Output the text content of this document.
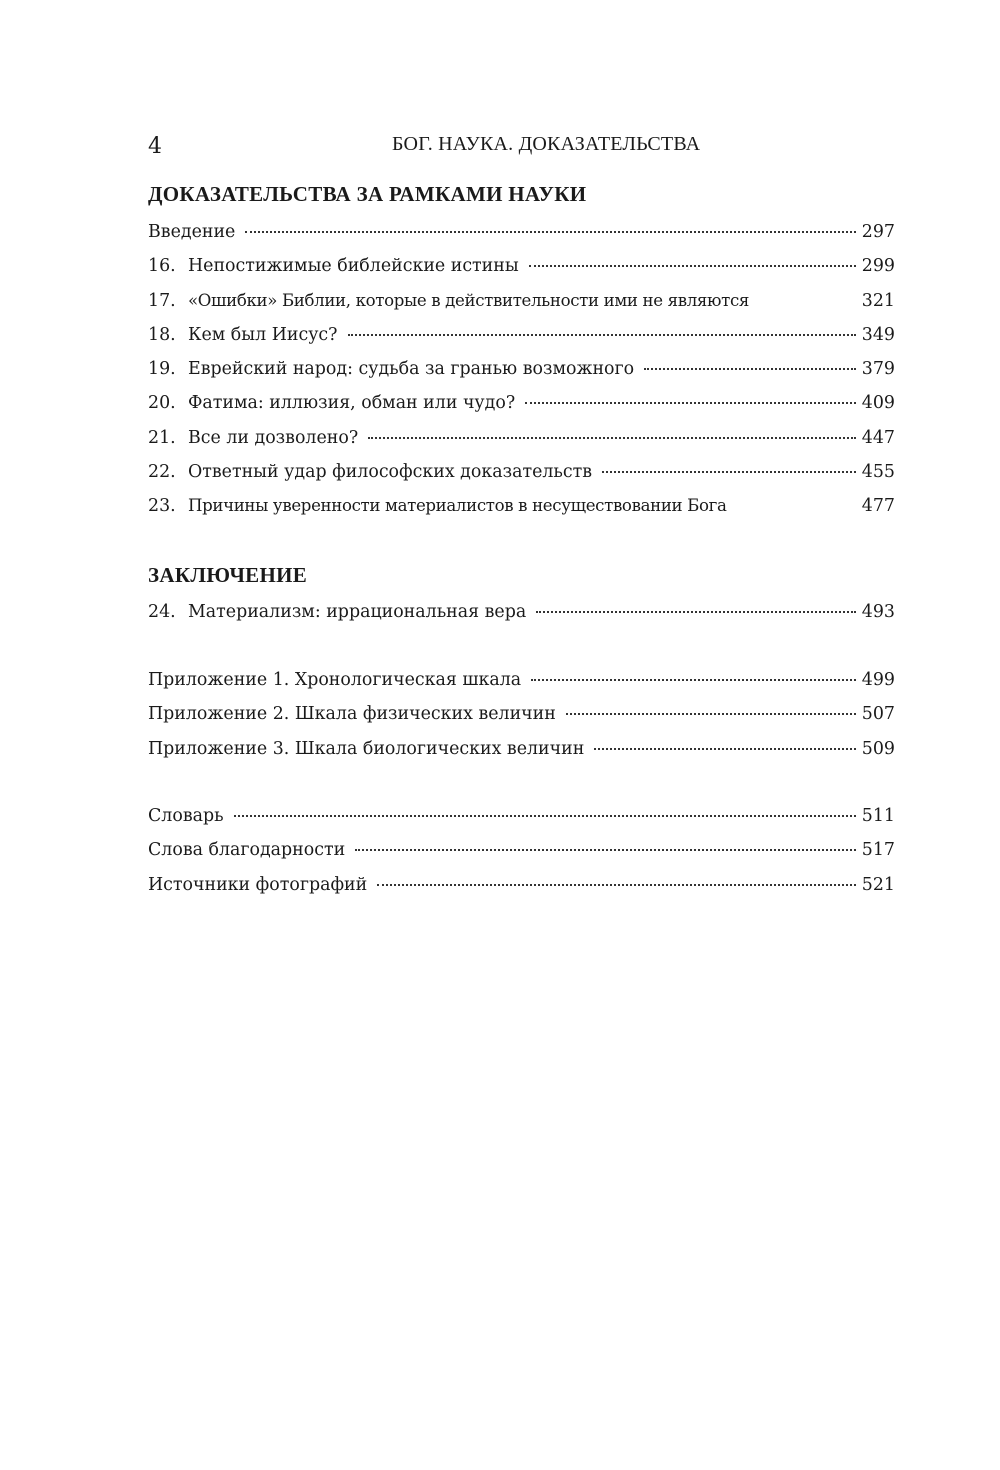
4	БОГ. НАУКА. ДОКАЗАТЕЛЬСТВА
ДОКАЗАТЕЛЬСТВА ЗА РАМКАМИ НАУКИ
Введение	297
16. Непостижимые библейские истины	299
17. «Ошибки» Библии, которые в действительности ими не являются	321
18. Кем был Иисус?	349
19. Еврейский народ: судьба за гранью возможного	379
20. Фатима: иллюзия, обман или чудо?	409
21. Все ли дозволено?	447
22. Ответный удар философских доказательств	455
23. Причины уверенности материалистов в несуществовании Бога	477
ЗАКЛЮЧЕНИЕ
24. Материализм: иррациональная вера	493
Приложение 1. Хронологическая шкала	499
Приложение 2. Шкала физических величин	507
Приложение 3. Шкала биологических величин	509
Словарь	511
Слова благодарности	517
Источники фотографий	521
